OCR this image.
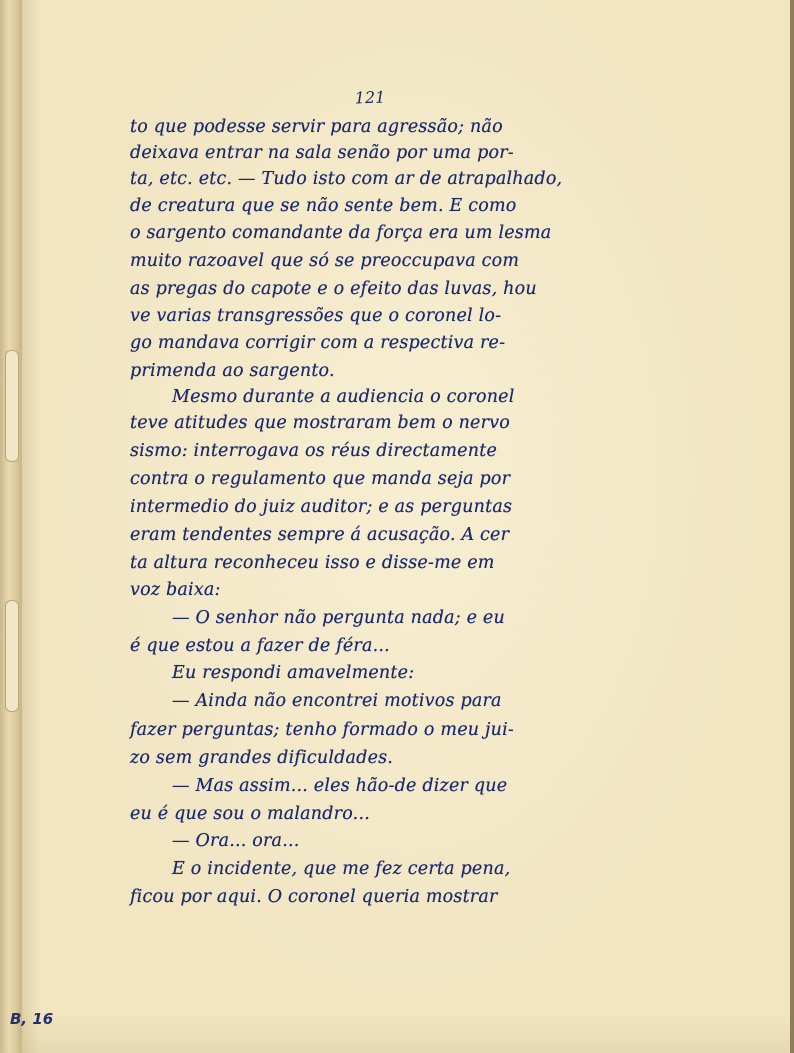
121
to que podesse servir para agressão; não
deixava entrar na sala senão por uma por-
ta, etc. etc. — Tudo isto com ar de atrapalhado,
de creatura que se não sente bem. E como
o sargento comandante da força era um lesma
muito razoavel que só se preoccupava com
as pregas do capote e o efeito das luvas, hou
ve varias transgressões que o coronel lo-
go mandava corrigir com a respectiva re-
primenda ao sargento.
Mesmo durante a audiencia o coronel
teve atitudes que mostraram bem o nervo
sismo: interrogava os réus directamente
contra o regulamento que manda seja por
intermedio do juiz auditor; e as perguntas
eram tendentes sempre á acusação. A cer
ta altura reconheceu isso e disse-me em
voz baixa:
— O senhor não pergunta nada; e eu
é que estou a fazer de féra...
Eu respondi amavelmente:
— Ainda não encontrei motivos para
fazer perguntas; tenho formado o meu jui-
zo sem grandes dificuldades.
— Mas assim... eles hão-de dizer que
eu é que sou o malandro...
— Ora... ora...
E o incidente, que me fez certa pena,
ficou por aqui. O coronel queria mostrar
B, 16
